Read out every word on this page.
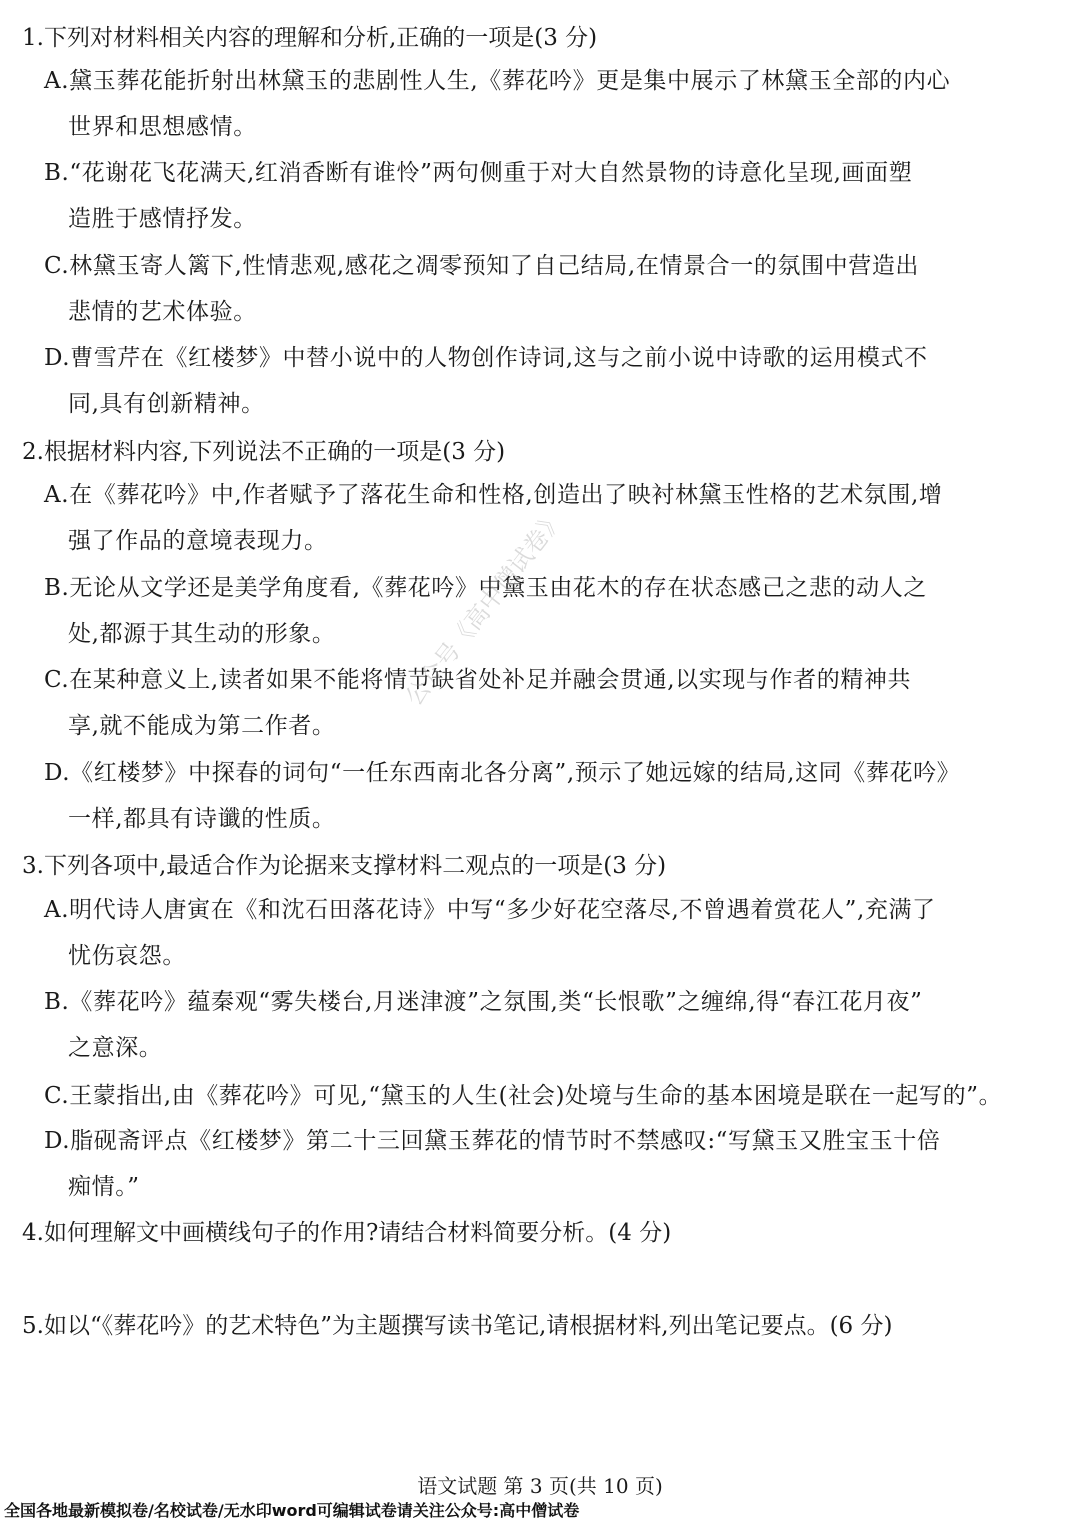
1.下列对材料相关内容的理解和分析,正确的一项是(3 分)
A.黛玉葬花能折射出林黛玉的悲剧性人生,《葬花吟》更是集中展示了林黛玉全部的内心
世界和思想感情。
B.“花谢花飞花满天,红消香断有谁怜”两句侧重于对大自然景物的诗意化呈现,画面塑
造胜于感情抒发。
C.林黛玉寄人篱下,性情悲观,感花之凋零预知了自己结局,在情景合一的氛围中营造出
悲情的艺术体验。
D.曹雪芹在《红楼梦》中替小说中的人物创作诗词,这与之前小说中诗歌的运用模式不
同,具有创新精神。
2.根据材料内容,下列说法不正确的一项是(3 分)
A.在《葬花吟》中,作者赋予了落花生命和性格,创造出了映衬林黛玉性格的艺术氛围,增
强了作品的意境表现力。
B.无论从文学还是美学角度看,《葬花吟》中黛玉由花木的存在状态感己之悲的动人之
处,都源于其生动的形象。
C.在某种意义上,读者如果不能将情节缺省处补足并融会贯通,以实现与作者的精神共
享,就不能成为第二作者。
D.《红楼梦》中探春的词句“一任东西南北各分离”,预示了她远嫁的结局,这同《葬花吟》
一样,都具有诗谶的性质。
3.下列各项中,最适合作为论据来支撑材料二观点的一项是(3 分)
A.明代诗人唐寅在《和沈石田落花诗》中写“多少好花空落尽,不曾遇着赏花人”,充满了
忧伤哀怨。
B.《葬花吟》蕴秦观“雾失楼台,月迷津渡”之氛围,类“长恨歌”之缠绵,得“春江花月夜”
之意深。
C.王蒙指出,由《葬花吟》可见,“黛玉的人生(社会)处境与生命的基本困境是联在一起写的”。
D.脂砚斋评点《红楼梦》第二十三回黛玉葬花的情节时不禁感叹:“写黛玉又胜宝玉十倍
痴情。”
4.如何理解文中画横线句子的作用?请结合材料简要分析。(4 分)
5.如以“《葬花吟》的艺术特色”为主题撰写读书笔记,请根据材料,列出笔记要点。(6 分)
公众号《高中僧试卷》
语文试题 第 3 页(共 10 页)
全国各地最新模拟卷/名校试卷/无水印word可编辑试卷请关注公众号:高中僧试卷
